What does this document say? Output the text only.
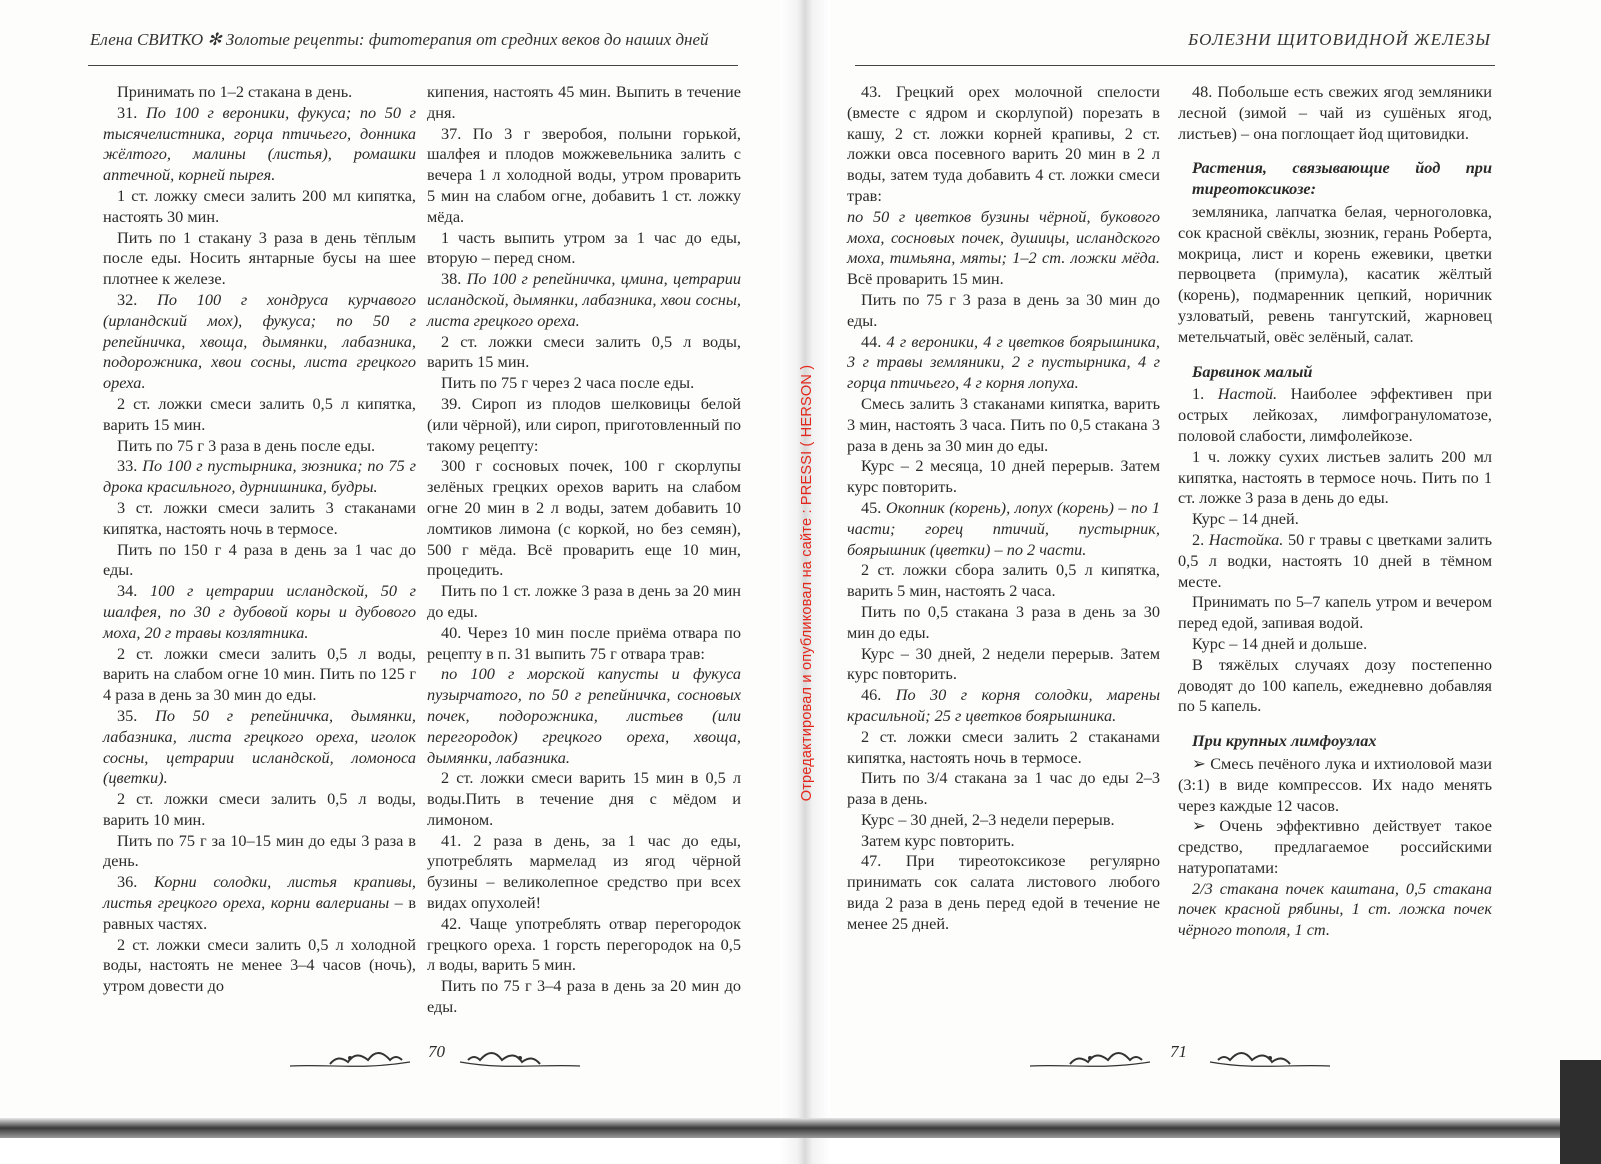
Елена СВИТКО ✻ Золотые рецепты: фитотерапия от средних веков до наших дней	БОЛЕЗНИ ЩИТОВИДНОЙ ЖЕЛЕЗЫ

Принимать по 1–2 стакана в день.

31. По 100 г вероники, фукуса; по 50 г тысячелистника, горца птичьего, донника жёлтого, малины (листья), ромашки аптечной, корней пырея.

1 ст. ложку смеси залить 200 мл кипятка, настоять 30 мин.

Пить по 1 стакану 3 раза в день тёплым после еды. Носить янтарные бусы на шее плотнее к железе.

32. По 100 г хондруса курчавого (ирландский мох), фукуса; по 50 г репейничка, хвоща, дымянки, лабазника, подорожника, хвои сосны, листа грецкого ореха.

2 ст. ложки смеси залить 0,5 л кипятка, варить 15 мин.

Пить по 75 г 3 раза в день после еды.

33. По 100 г пустырника, зюзника; по 75 г дрока красильного, дурнишника, будры.

3 ст. ложки смеси залить 3 стаканами кипятка, настоять ночь в термосе.

Пить по 150 г 4 раза в день за 1 час до еды.

34. 100 г цетрарии исландской, 50 г шалфея, по 30 г дубовой коры и дубового моха, 20 г травы козлятника.

2 ст. ложки смеси залить 0,5 л воды, варить на слабом огне 10 мин. Пить по 125 г 4 раза в день за 30 мин до еды.

35. По 50 г репейничка, дымянки, лабазника, листа грецкого ореха, иголок сосны, цетрарии исландской, ломоноса (цветки).

2 ст. ложки смеси залить 0,5 л воды, варить 10 мин.

Пить по 75 г за 10–15 мин до еды 3 раза в день.

36. Корни солодки, листья крапивы, листья грецкого ореха, корни валерианы – в равных частях.

2 ст. ложки смеси залить 0,5 л холодной воды, настоять не менее 3–4 часов (ночь), утром довести до

кипения, настоять 45 мин. Выпить в течение дня.

37. По 3 г зверобоя, полыни горькой, шалфея и плодов можжевельника залить с вечера 1 л холодной воды, утром проварить 5 мин на слабом огне, добавить 1 ст. ложку мёда.

1 часть выпить утром за 1 час до еды, вторую – перед сном.

38. По 100 г репейничка, цмина, цетрарии исландской, дымянки, лабазника, хвои сосны, листа грецкого ореха.

2 ст. ложки смеси залить 0,5 л воды, варить 15 мин.

Пить по 75 г через 2 часа после еды.

39. Сироп из плодов шелковицы белой (или чёрной), или сироп, приготовленный по такому рецепту:

300 г сосновых почек, 100 г скорлупы зелёных грецких орехов варить на слабом огне 20 мин в 2 л воды, затем добавить 10 ломтиков лимона (с коркой, но без семян), 500 г мёда. Всё проварить еще 10 мин, процедить.

Пить по 1 ст. ложке 3 раза в день за 20 мин до еды.

40. Через 10 мин после приёма отвара по рецепту в п. 31 выпить 75 г отвара трав:

по 100 г морской капусты и фукуса пузырчатого, по 50 г репейничка, сосновых почек, подорожника, листьев (или перегородок) грецкого ореха, хвоща, дымянки, лабазника.

2 ст. ложки смеси варить 15 мин в 0,5 л воды.Пить в течение дня с мёдом и лимоном.

41. 2 раза в день, за 1 час до еды, употреблять мармелад из ягод чёрной бузины – великолепное средство при всех видах опухолей!

42. Чаще употреблять отвар перегородок грецкого ореха. 1 горсть перегородок на 0,5 л воды, варить 5 мин.

Пить по 75 г 3–4 раза в день за 20 мин до еды.

43. Грецкий орех молочной спелости (вместе с ядром и скорлупой) порезать в кашу, 2 ст. ложки корней крапивы, 2 ст. ложки овса посевного варить 20 мин в 2 л воды, затем туда добавить 4 ст. ложки смеси трав:

по 50 г цветков бузины чёрной, букового моха, сосновых почек, душицы, исландского моха, тимьяна, мяты; 1–2 ст. ложки мёда. Всё проварить 15 мин.

Пить по 75 г 3 раза в день за 30 мин до еды.

44. 4 г вероники, 4 г цветков боярышника, 3 г травы земляники, 2 г пустырника, 4 г горца птичьего, 4 г корня лопуха.

Смесь залить 3 стаканами кипятка, варить 3 мин, настоять 3 часа. Пить по 0,5 стакана 3 раза в день за 30 мин до еды.

Курс – 2 месяца, 10 дней перерыв. Затем курс повторить.

45. Окопник (корень), лопух (корень) – по 1 части; горец птичий, пустырник, боярышник (цветки) – по 2 части.

2 ст. ложки сбора залить 0,5 л кипятка, варить 5 мин, настоять 2 часа.

Пить по 0,5 стакана 3 раза в день за 30 мин до еды.

Курс – 30 дней, 2 недели перерыв. Затем курс повторить.

46. По 30 г корня солодки, марены красильной; 25 г цветков боярышника.

2 ст. ложки смеси залить 2 стаканами кипятка, настоять ночь в термосе.

Пить по 3/4 стакана за 1 час до еды 2–3 раза в день.

Курс – 30 дней, 2–3 недели перерыв.

Затем курс повторить.

47. При тиреотоксикозе регулярно принимать сок салата листового любого вида 2 раза в день перед едой в течение не менее 25 дней.

48. Побольше есть свежих ягод земляники лесной (зимой – чай из сушёных ягод, листьев) – она поглощает йод щитовидки.

Растения, связывающие йод при тиреотоксикозе:

земляника, лапчатка белая, черноголовка, сок красной свёклы, зюзник, герань Роберта, мокрица, лист и корень ежевики, цветки первоцвета (примула), касатик жёлтый (корень), подмаренник цепкий, норичник узловатый, ревень тангутский, жарновец метельчатый, овёс зелёный, салат.

Барвинок малый

1. Настой. Наиболее эффективен при острых лейкозах, лимфогрануломатозе, половой слабости, лимфолейкозе.

1 ч. ложку сухих листьев залить 200 мл кипятка, настоять в термосе ночь. Пить по 1 ст. ложке 3 раза в день до еды.

Курс – 14 дней.

2. Настойка. 50 г травы с цветками залить 0,5 л водки, настоять 10 дней в тёмном месте.

Принимать по 5–7 капель утром и вечером перед едой, запивая водой.

Курс – 14 дней и дольше.

В тяжёлых случаях дозу постепенно доводят до 100 капель, ежедневно добавляя по 5 капель.

При крупных лимфоузлах

➢ Смесь печёного лука и ихтиоловой мази (3:1) в виде компрессов. Их надо менять через каждые 12 часов.

➢ Очень эффективно действует такое средство, предлагаемое российскими натуропатами:

2/3 стакана почек каштана, 0,5 стакана почек красной рябины, 1 ст. ложка почек чёрного тополя, 1 ст.

70	71
Отредактировал и опубликовал на сайте : PRESSI ( HERSON )
